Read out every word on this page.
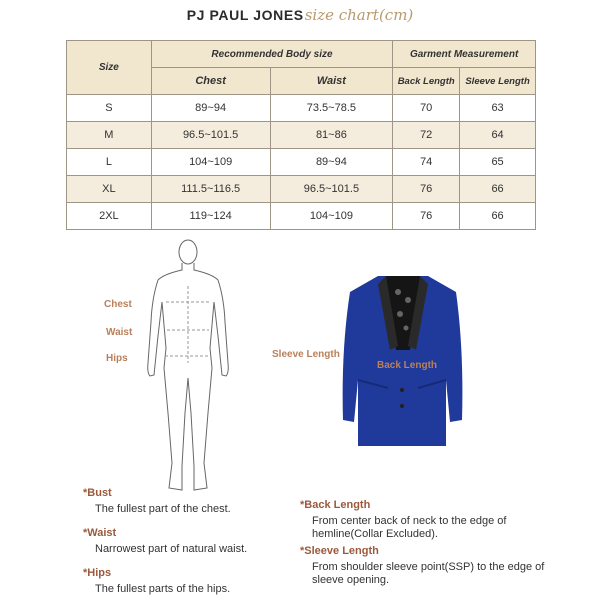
PJ PAUL JONESsize chart(cm)
Size	Recommended Body size		Garment Measurement	
	Chest	Waist	Back Length	Sleeve Length
S	89~94	73.5~78.5	70	63
M	96.5~101.5	81~86	72	64
L	104~109	89~94	74	65
XL	111.5~116.5	96.5~101.5	76	66
2XL	119~124	104~109	76	66
Chest
Waist
Hips	Sleeve Length
Back Length
*Bust
The fullest part of the chest.
*Waist
Narrowest part of natural waist.
*Hips
The fullest parts of the hips.
*Back Length
From center back of neck to the edge of hemline(Collar Excluded).
*Sleeve Length
From shoulder sleeve point(SSP) to the edge of sleeve opening.
